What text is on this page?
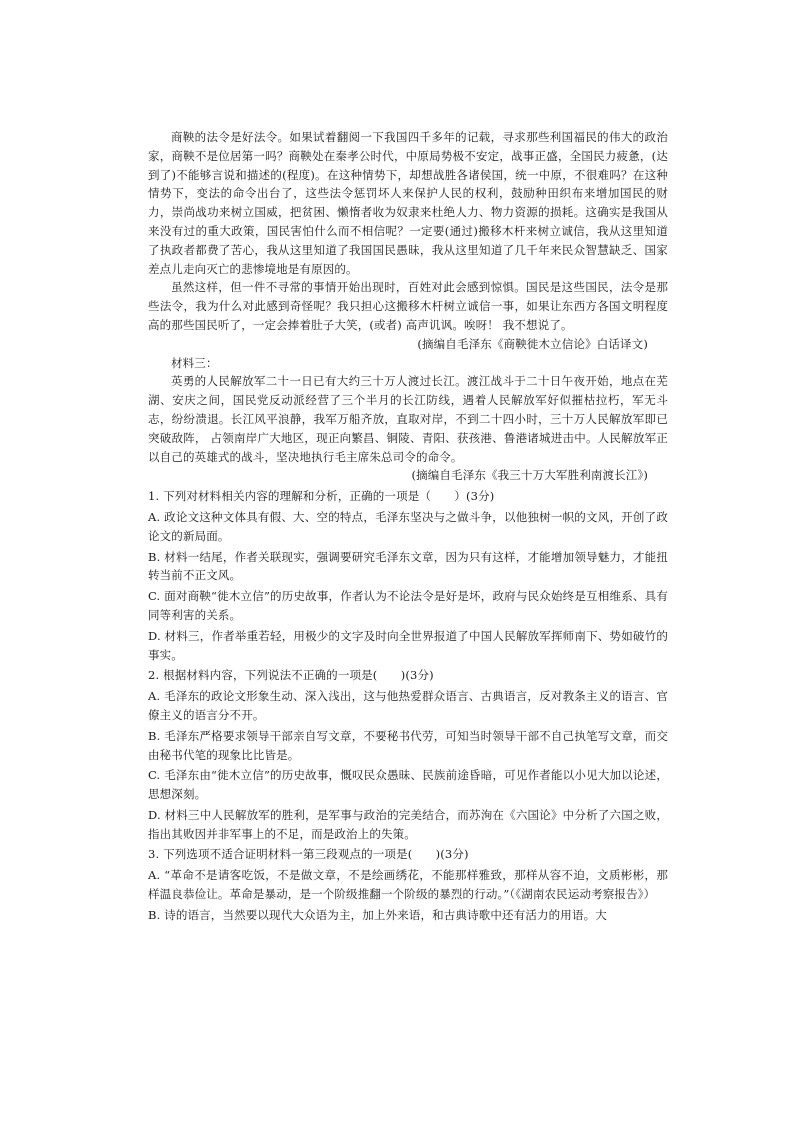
商鞅的法令是好法令。如果试着翻阅一下我国四千多年的记载，寻求那些利国福民的伟大的政治家，商鞅不是位居第一吗？商鞅处在秦孝公时代，中原局势极不安定，战事正盛，全国民力疲惫，(达到了)不能够言说和描述的(程度)。在这种情势下，却想战胜各诸侯国，统一中原，不很难吗？在这种情势下，变法的命令出台了，这些法令惩罚坏人来保护人民的权利，鼓励种田织布来增加国民的财力，崇尚战功来树立国威，把贫困、懒惰者收为奴隶来杜绝人力、物力资源的损耗。这确实是我国从来没有过的重大政策，国民害怕什么而不相信呢？一定要(通过)搬移木杆来树立诚信，我从这里知道了执政者都费了苦心，我从这里知道了我国国民愚昧，我从这里知道了几千年来民众智慧缺乏、国家差点儿走向灭亡的悲惨境地是有原因的。

虽然这样，但一件不寻常的事情开始出现时，百姓对此会感到惊惧。国民是这些国民，法令是那些法令，我为什么对此感到奇怪呢？我只担心这搬移木杆树立诚信一事，如果让东西方各国文明程度高的那些国民听了，一定会捧着肚子大笑，(或者) 高声讥讽。唉呀！ 我不想说了。

(摘编自毛泽东《商鞅徙木立信论》白话译文)

材料三：

英勇的人民解放军二十一日已有大约三十万人渡过长江。渡江战斗于二十日午夜开始，地点在芜湖、安庆之间，国民党反动派经营了三个半月的长江防线，遇着人民解放军好似摧枯拉朽，军无斗志，纷纷溃退。长江风平浪静，我军万船齐放，直取对岸，不到二十四小时，三十万人民解放军即已突破敌阵， 占领南岸广大地区，现正向繁昌、铜陵、青阳、获孩港、鲁港诸城进击中。人民解放军正以自己的英雄式的战斗，坚决地执行毛主席朱总司令的命令。

(摘编自毛泽东《我三十万大军胜利南渡长江》)

1. 下列对材料相关内容的理解和分析，正确的一项是（　　）(3分)

A. 政论文这种文体具有假、大、空的特点，毛泽东坚决与之做斗争，以他独树一帜的文风，开创了政论文的新局面。

B. 材料一结尾，作者关联现实，强调要研究毛泽东文章，因为只有这样，才能增加领导魅力，才能扭转当前不正文风。

C. 面对商鞅“徙木立信”的历史故事，作者认为不论法令是好是坏，政府与民众始终是互相维系、具有同等利害的关系。

D. 材料三，作者举重若轻，用极少的文字及时向全世界报道了中国人民解放军挥师南下、势如破竹的事实。

2. 根据材料内容，下列说法不正确的一项是(　　)(3分)

A. 毛泽东的政论文形象生动、深入浅出，这与他热爱群众语言、古典语言，反对教条主义的语言、官僚主义的语言分不开。

B. 毛泽东严格要求领导干部亲自写文章，不要秘书代劳，可知当时领导干部不自己执笔写文章，而交由秘书代笔的现象比比皆是。

C. 毛泽东由“徙木立信”的历史故事，慨叹民众愚昧、民族前途昏暗，可见作者能以小见大加以论述，思想深刻。

D. 材料三中人民解放军的胜利，是军事与政治的完美结合，而苏洵在《六国论》中分析了六国之败，指出其败因并非军事上的不足，而是政治上的失策。

3. 下列选项不适合证明材料一第三段观点的一项是(　　)(3分)

A. “革命不是请客吃饭，不是做文章，不是绘画绣花，不能那样雅致，那样从容不迫，文质彬彬，那样温良恭俭让。革命是暴动，是一个阶级推翻一个阶级的暴烈的行动。”（《湖南农民运动考察报告》）

B. 诗的语言，当然要以现代大众语为主，加上外来语，和古典诗歌中还有活力的用语。大
